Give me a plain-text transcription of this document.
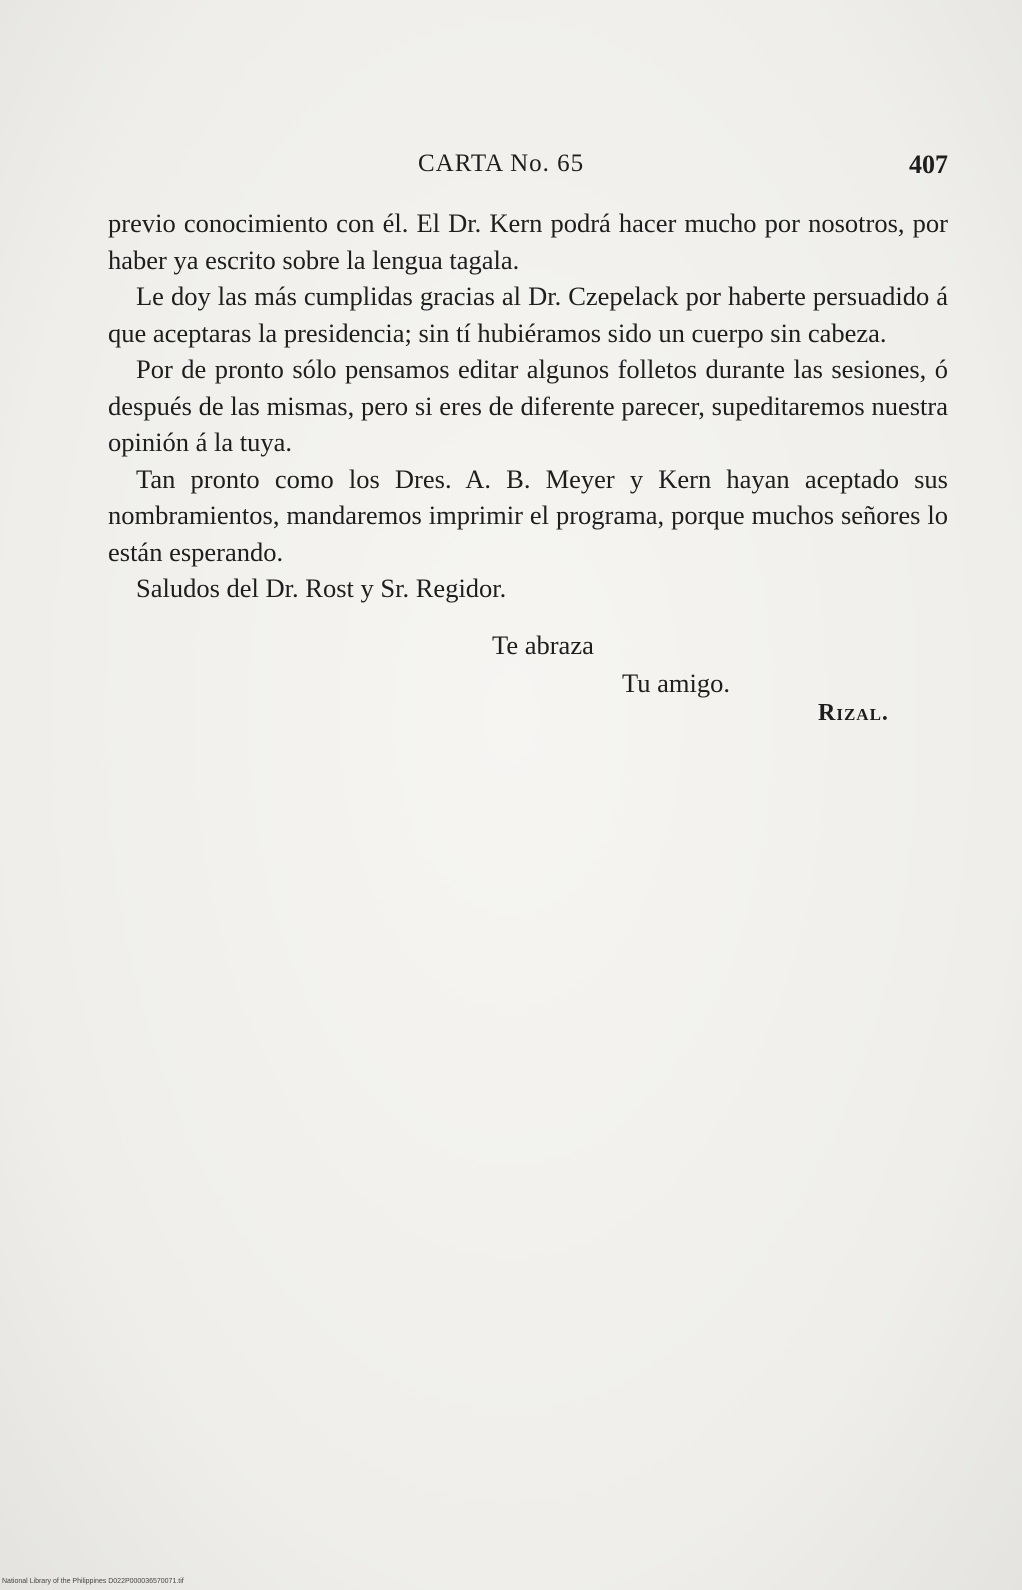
CARTA No. 65	407

previo conocimiento con él. El Dr. Kern podrá hacer mucho por nosotros, por haber ya escrito sobre la lengua tagala.

Le doy las más cumplidas gracias al Dr. Czepelack por haberte persuadido á que aceptaras la presidencia; sin tí hubiéramos sido un cuerpo sin cabeza.

Por de pronto sólo pensamos editar algunos folletos durante las sesiones, ó después de las mismas, pero si eres de diferente parecer, supeditaremos nuestra opinión á la tuya.

Tan pronto como los Dres. A. B. Meyer y Kern hayan aceptado sus nombramientos, mandaremos imprimir el programa, porque muchos señores lo están esperando.

Saludos del Dr. Rost y Sr. Regidor.

Te abraza
Tu amigo.
Rizal.
National Library of the Philippines D022P000036570071.tif
